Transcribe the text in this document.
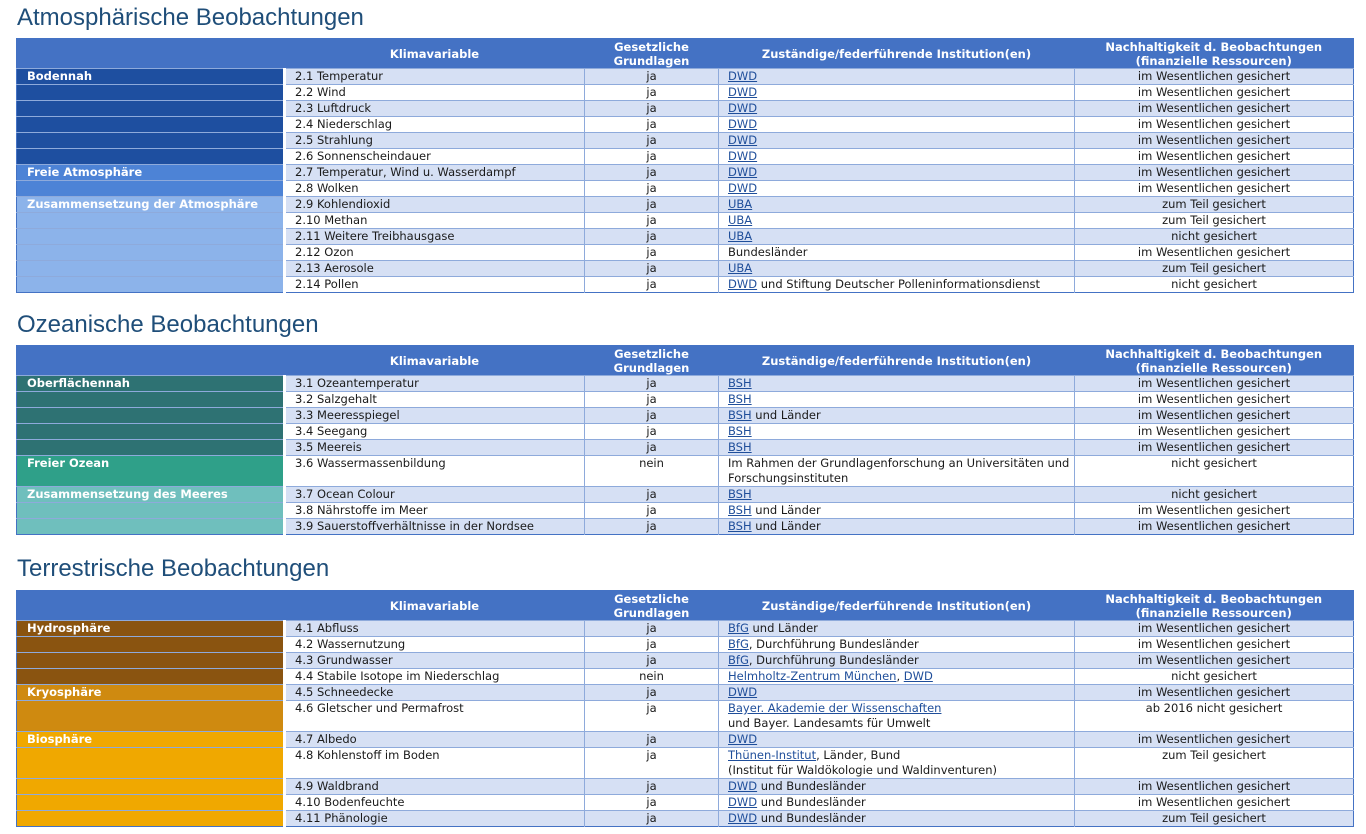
Atmosphärische Beobachtungen
	Klimavariable	Gesetzliche Grundlagen	Zuständige/federführende Institution(en)	Nachhaltigkeit d. Beobachtungen (finanzielle Ressourcen)
Bodennah	2.1 Temperatur	ja	DWD	im Wesentlichen gesichert
	2.2 Wind	ja	DWD	im Wesentlichen gesichert
	2.3 Luftdruck	ja	DWD	im Wesentlichen gesichert
	2.4 Niederschlag	ja	DWD	im Wesentlichen gesichert
	2.5 Strahlung	ja	DWD	im Wesentlichen gesichert
	2.6 Sonnenscheindauer	ja	DWD	im Wesentlichen gesichert
Freie Atmosphäre	2.7 Temperatur, Wind u. Wasserdampf	ja	DWD	im Wesentlichen gesichert
	2.8 Wolken	ja	DWD	im Wesentlichen gesichert
Zusammensetzung der Atmosphäre	2.9 Kohlendioxid	ja	UBA	zum Teil gesichert
	2.10 Methan	ja	UBA	zum Teil gesichert
	2.11 Weitere Treibhausgase	ja	UBA	nicht gesichert
	2.12 Ozon	ja	Bundesländer	im Wesentlichen gesichert
	2.13 Aerosole	ja	UBA	zum Teil gesichert
	2.14 Pollen	ja	DWD und Stiftung Deutscher Polleninformationsdienst	nicht gesichert
Ozeanische Beobachtungen
	Klimavariable	Gesetzliche Grundlagen	Zuständige/federführende Institution(en)	Nachhaltigkeit d. Beobachtungen (finanzielle Ressourcen)
Oberflächennah	3.1 Ozeantemperatur	ja	BSH	im Wesentlichen gesichert
	3.2 Salzgehalt	ja	BSH	im Wesentlichen gesichert
	3.3 Meeresspiegel	ja	BSH und Länder	im Wesentlichen gesichert
	3.4 Seegang	ja	BSH	im Wesentlichen gesichert
	3.5 Meereis	ja	BSH	im Wesentlichen gesichert
Freier Ozean	3.6 Wassermassenbildung	nein	Im Rahmen der Grundlagenforschung an Universitäten und Forschungsinstituten	nicht gesichert
Zusammensetzung des Meeres	3.7 Ocean Colour	ja	BSH	nicht gesichert
	3.8 Nährstoffe im Meer	ja	BSH und Länder	im Wesentlichen gesichert
	3.9 Sauerstoffverhältnisse in der Nordsee	ja	BSH und Länder	im Wesentlichen gesichert
Terrestrische Beobachtungen
	Klimavariable	Gesetzliche Grundlagen	Zuständige/federführende Institution(en)	Nachhaltigkeit d. Beobachtungen (finanzielle Ressourcen)
Hydrosphäre	4.1 Abfluss	ja	BfG und Länder	im Wesentlichen gesichert
	4.2 Wassernutzung	ja	BfG, Durchführung Bundesländer	im Wesentlichen gesichert
	4.3 Grundwasser	ja	BfG, Durchführung Bundesländer	im Wesentlichen gesichert
	4.4 Stabile Isotope im Niederschlag	nein	Helmholtz-Zentrum München, DWD	nicht gesichert
Kryosphäre	4.5 Schneedecke	ja	DWD	im Wesentlichen gesichert
	4.6 Gletscher und Permafrost	ja	Bayer. Akademie der Wissenschaften
und Bayer. Landesamts für Umwelt	ab 2016 nicht gesichert
Biosphäre	4.7 Albedo	ja	DWD	im Wesentlichen gesichert
	4.8 Kohlenstoff im Boden	ja	Thünen-Institut, Länder, Bund
(Institut für Waldökologie und Waldinventuren)	zum Teil gesichert
	4.9 Waldbrand	ja	DWD und Bundesländer	im Wesentlichen gesichert
	4.10 Bodenfeuchte	ja	DWD und Bundesländer	im Wesentlichen gesichert
	4.11 Phänologie	ja	DWD und Bundesländer	zum Teil gesichert
